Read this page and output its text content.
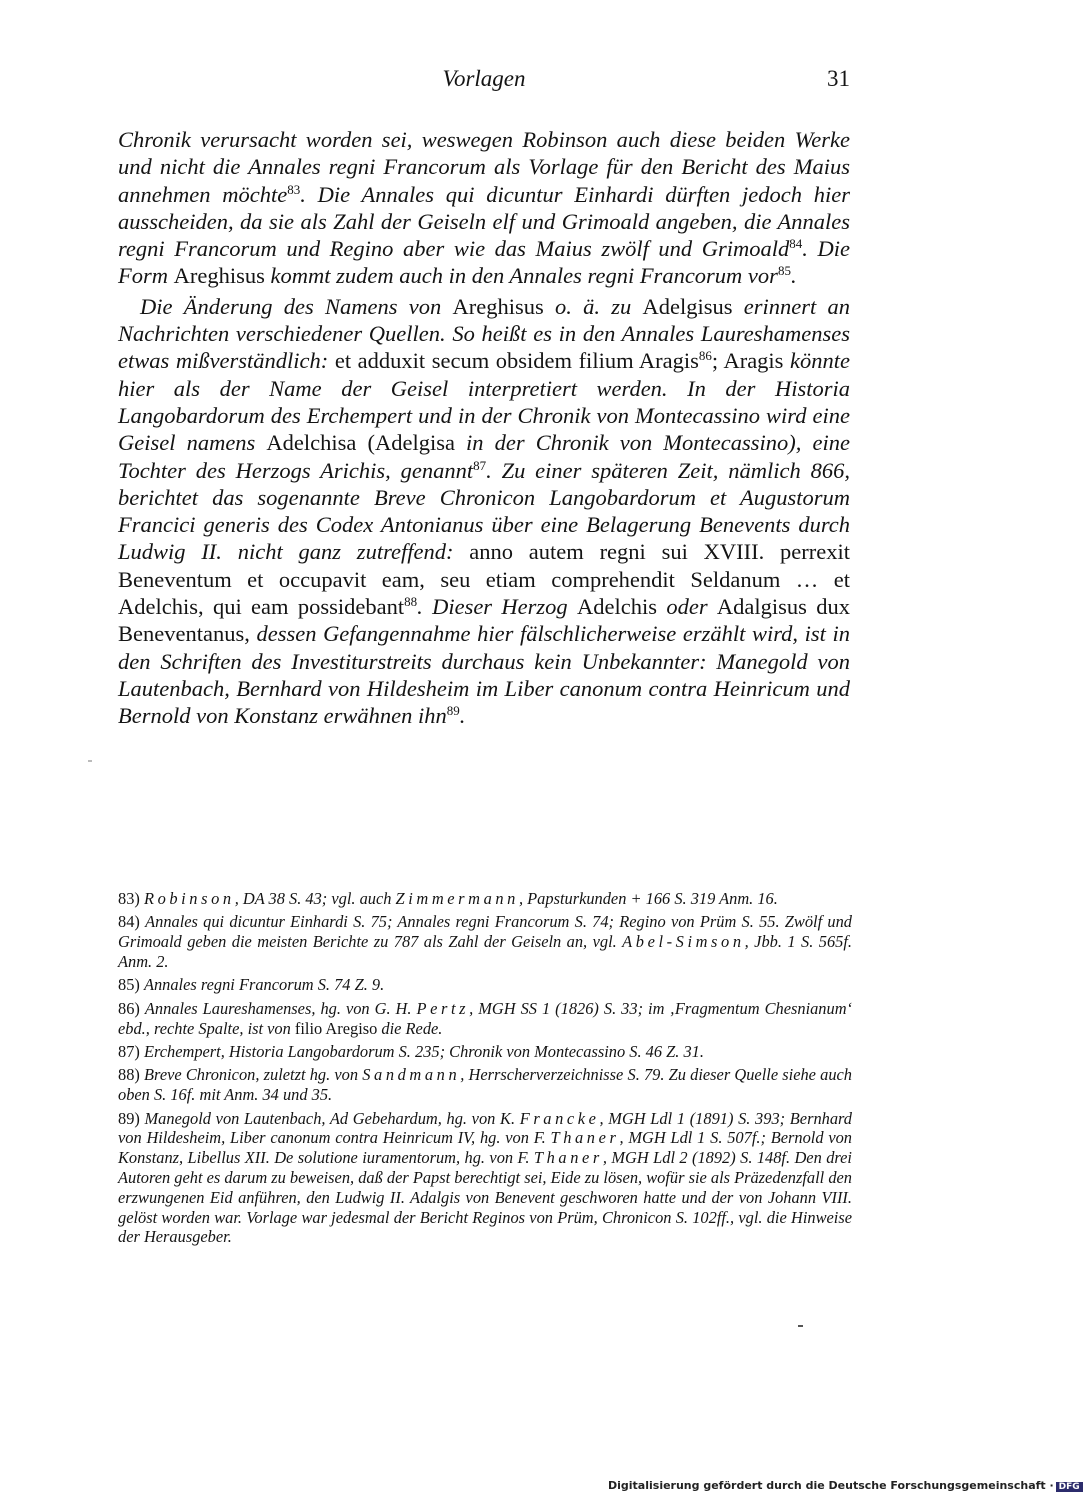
Vorlagen	31

Chronik verursacht worden sei, weswegen Robinson auch diese beiden Werke und nicht die Annales regni Francorum als Vorlage für den Bericht des Maius annehmen möchte$^{83}$. Die Annales qui dicuntur Einhardi dürften jedoch hier ausscheiden, da sie als Zahl der Geiseln elf und Grimoald angeben, die Annales regni Francorum und Regino aber wie das Maius zwölf und Grimoald$^{84}$. Die Form Areghisus kommt zudem auch in den Annales regni Francorum vor$^{85}$.

Die Änderung des Namens von Areghisus o. ä. zu Adelgisus erinnert an Nachrichten verschiedener Quellen. So heißt es in den Annales Laureshamenses etwas mißverständlich: et adduxit secum obsidem filium Aragis$^{86}$; Aragis könnte hier als der Name der Geisel interpretiert werden. In der Historia Langobardorum des Erchempert und in der Chronik von Montecassino wird eine Geisel namens Adelchisa (Adelgisa in der Chronik von Montecassino), eine Tochter des Herzogs Arichis, genannt$^{87}$. Zu einer späteren Zeit, nämlich 866, berichtet das sogenannte Breve Chronicon Langobardorum et Augustorum Francici generis des Codex Antonianus über eine Belagerung Benevents durch Ludwig II. nicht ganz zutreffend: anno autem regni sui XVIII. perrexit Beneventum et occupavit eam, seu etiam comprehendit Seldanum … et Adelchis, qui eam possidebant$^{88}$. Dieser Herzog Adelchis oder Adalgisus dux Beneventanus, dessen Gefangennahme hier fälschlicherweise erzählt wird, ist in den Schriften des Investiturstreits durchaus kein Unbekannter: Manegold von Lautenbach, Bernhard von Hildesheim im Liber canonum contra Heinricum und Bernold von Konstanz erwähnen ihn$^{89}$.

83) Robinson, DA 38 S. 43; vgl. auch Zimmermann, Papsturkunden + 166 S. 319 Anm. 16.
84) Annales qui dicuntur Einhardi S. 75; Annales regni Francorum S. 74; Regino von Prüm S. 55. Zwölf und Grimoald geben die meisten Berichte zu 787 als Zahl der Geiseln an, vgl. Abel-Simson, Jbb. 1 S. 565f. Anm. 2.
85) Annales regni Francorum S. 74 Z. 9.
86) Annales Laureshamenses, hg. von G. H. Pertz, MGH SS 1 (1826) S. 33; im ‚Fragmentum Chesnianum‘ ebd., rechte Spalte, ist von filio Aregiso die Rede.
87) Erchempert, Historia Langobardorum S. 235; Chronik von Montecassino S. 46 Z. 31.
88) Breve Chronicon, zuletzt hg. von Sandmann, Herrscherverzeichnisse S. 79. Zu dieser Quelle siehe auch oben S. 16f. mit Anm. 34 und 35.
89) Manegold von Lautenbach, Ad Gebehardum, hg. von K. Francke, MGH Ldl 1 (1891) S. 393; Bernhard von Hildesheim, Liber canonum contra Heinricum IV, hg. von F. Thaner, MGH Ldl 1 S. 507f.; Bernold von Konstanz, Libellus XII. De solutione iuramentorum, hg. von F. Thaner, MGH Ldl 2 (1892) S. 148f. Den drei Autoren geht es darum zu beweisen, daß der Papst berechtigt sei, Eide zu lösen, wofür sie als Präzedenzfall den erzwungenen Eid anführen, den Ludwig II. Adalgis von Benevent geschworen hatte und der von Johann VIII. gelöst worden war. Vorlage war jedesmal der Bericht Reginos von Prüm, Chronicon S. 102ff., vgl. die Hinweise der Herausgeber.
Digitalisierung gefördert durch die Deutsche Forschungsgemeinschaft · DFG
